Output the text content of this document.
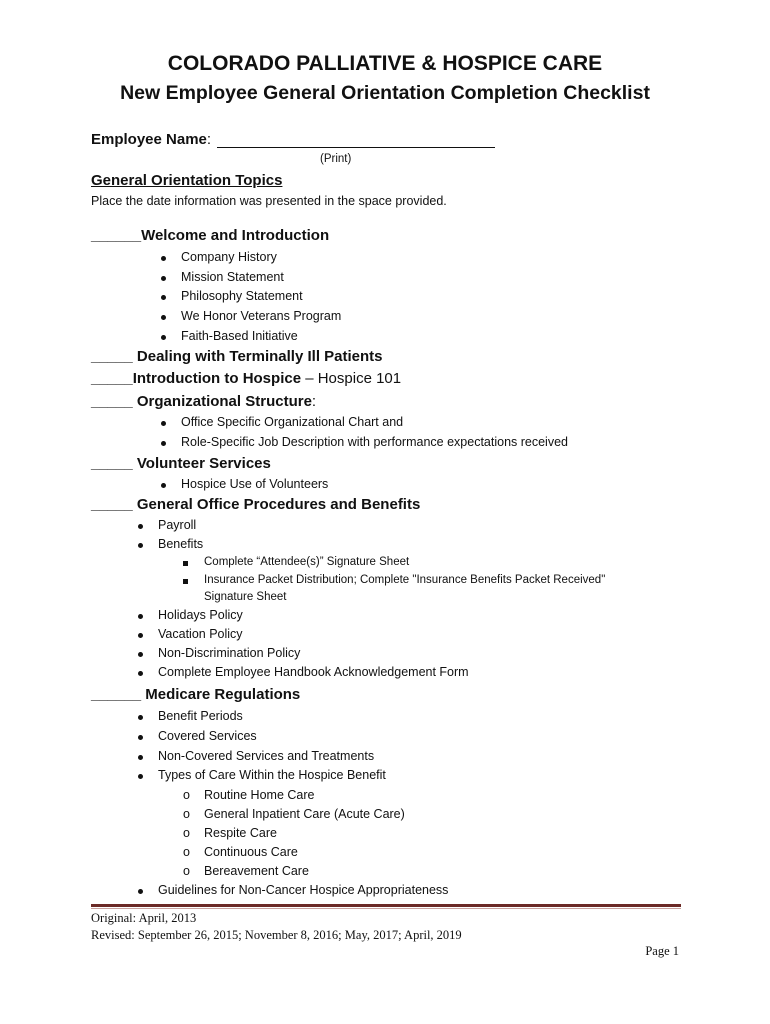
COLORADO PALLIATIVE & HOSPICE CARE
New Employee General Orientation Completion Checklist
Employee Name:
(Print)
General Orientation Topics
Place the date information was presented in the space provided.
______Welcome and Introduction
Company History
Mission Statement
Philosophy Statement
We Honor Veterans Program
Faith-Based Initiative
_____ Dealing with Terminally Ill Patients
_____Introduction to Hospice – Hospice 101
_____ Organizational Structure:
Office Specific Organizational Chart and
Role-Specific Job Description with performance expectations received
_____ Volunteer Services
Hospice Use of Volunteers
_____ General Office Procedures and Benefits
Payroll
Benefits
Complete “Attendee(s)” Signature Sheet
Insurance Packet Distribution; Complete "Insurance Benefits Packet Received"
Signature Sheet
Holidays Policy
Vacation Policy
Non-Discrimination Policy
Complete Employee Handbook Acknowledgement Form
______ Medicare Regulations
Benefit Periods
Covered Services
Non-Covered Services and Treatments
Types of Care Within the Hospice Benefit
o Routine Home Care
o General Inpatient Care (Acute Care)
o Respite Care
o Continuous Care
o Bereavement Care
Guidelines for Non-Cancer Hospice Appropriateness
Original: April, 2013
Revised: September 26, 2015; November 8, 2016; May, 2017; April, 2019
Page 1
